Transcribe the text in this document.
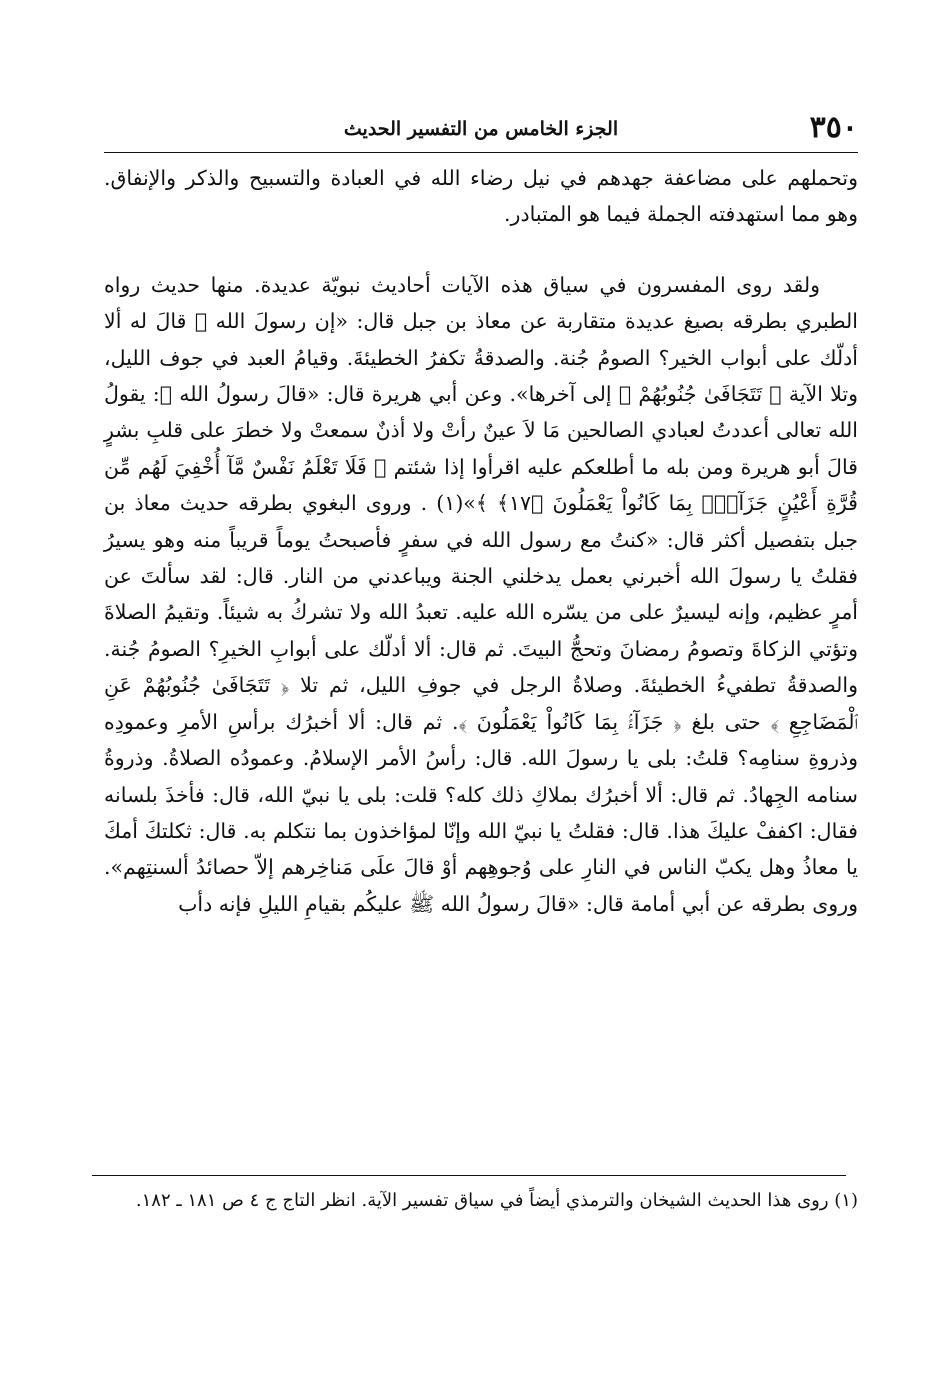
٣٥٠
الجزء الخامس من التفسير الحديث

وتحملهم على مضاعفة جهدهم في نيل رضاء الله في العبادة والتسبيح والذكر والإنفاق. وهو مما استهدفته الجملة فيما هو المتبادر.

ولقد روى المفسرون في سياق هذه الآيات أحاديث نبويّة عديدة. منها حديث رواه الطبري بطرقه بصيغ عديدة متقاربة عن معاذ بن جبل قال: «إن رسولَ الله ﷺ قالَ له ألا أدلّك على أبواب الخير؟ الصومُ جُنة. والصدقةُ تكفرُ الخطيئةَ. وقيامُ العبد في جوف الليل، وتلا الآية ﴿ تَتَجَافَىٰ جُنُوبُهُمْ ﴾ إلى آخرها». وعن أبي هريرة قال: «قالَ رسولُ الله ﷺ: يقولُ الله تعالى أعددتُ لعبادي الصالحين مَا لاَ عينٌ رأتْ ولا أذنٌ سمعتْ ولا خطرَ على قلبِ بشرٍ قالَ أبو هريرة ومن بله ما أطلعكم عليه اقرأوا إذا شئتم ﴿ فَلَا تَعْلَمُ نَفْسٌ مَّآ أُخْفِيَ لَهُم مِّن قُرَّةِ أَعْيُنٍ جَزَآءًۢ بِمَا كَانُواْ يَعْمَلُونَ ﴿١٧﴾ ﴾»(١) . وروى البغوي بطرقه حديث معاذ بن جبل بتفصيل أكثر قال: «كنتُ مع رسول الله في سفرٍ فأصبحتُ يوماً قريباً منه وهو يسيرُ فقلتُ يا رسولَ الله أخبرني بعمل يدخلني الجنة ويباعدني من النار. قال: لقد سألتَ عن أمرٍ عظيم، وإنه ليسيرٌ على من يسّره الله عليه. تعبدُ الله ولا تشركُ به شيئاً. وتقيمُ الصلاةَ وتؤتي الزكاةَ وتصومُ رمضانَ وتحجُّ البيتَ. ثم قال: ألا أدلّك على أبوابِ الخيرِ؟ الصومُ جُنة. والصدقةُ تطفيءُ الخطيئةَ. وصلاةُ الرجل في جوفِ الليل، ثم تلا ﴿ تَتَجَافَىٰ جُنُوبُهُمْ عَنِ ٱلْمَضَاجِعِ ﴾ حتى بلغ ﴿ جَزَآءًۢ بِمَا كَانُواْ يَعْمَلُونَ ﴾. ثم قال: ألا أخبرُك برأسِ الأمرِ وعمودِه وذروةِ سنامِه؟ قلتُ: بلى يا رسولَ الله. قال: رأسُ الأمر الإسلامُ. وعمودُه الصلاةُ. وذروةُ سنامه الجِهادُ. ثم قال: ألا أخبرُك بملاكِ ذلك كله؟ قلت: بلى يا نبيّ الله، قال: فأخذَ بلسانه فقال: اكففْ عليكَ هذا. قال: فقلتُ يا نبيّ الله وإنّا لمؤاخذون بما نتكلم به. قال: ثكلتكَ أمكَ يا معاذُ وهل يكبّ الناس في النارِ على وُجوهِهم أوْ قالَ علَى مَناخِرهم إلاّ حصائدُ ألسنتِهم». وروى بطرقه عن أبي أمامة قال: «قالَ رسولُ الله ﷺ عليكُم بقيامِ الليلِ فإنه دأب

(١) روى هذا الحديث الشيخان والترمذي أيضاً في سياق تفسير الآية. انظر التاج ج ٤ ص ١٨١ ـ ١٨٢.
